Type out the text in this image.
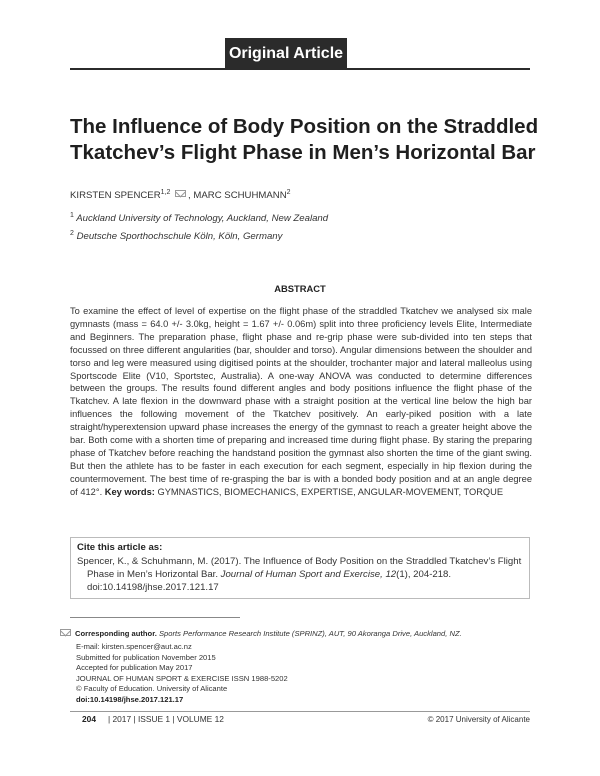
Original Article
The Influence of Body Position on the Straddled Tkatchev’s Flight Phase in Men’s Horizontal Bar
KIRSTEN SPENCER$^{1,2}$ , MARC SCHUHMANN$^2$
$^1$ Auckland University of Technology, Auckland, New Zealand
$^2$ Deutsche Sporthochschule Köln, Köln, Germany
ABSTRACT

To examine the effect of level of expertise on the flight phase of the straddled Tkatchev we analysed six male gymnasts (mass = 64.0 +/- 3.0kg, height = 1.67 +/- 0.06m) split into three proficiency levels Elite, Intermediate and Beginners. The preparation phase, flight phase and re-grip phase were sub-divided into ten steps that focussed on three different angularities (bar, shoulder and torso). Angular dimensions between the shoulder and torso and leg were measured using digitised points at the shoulder, trochanter major and lateral malleolus using Sportscode Elite (V10, Sportstec, Australia). A one-way ANOVA was conducted to determine differences between the groups. The results found different angles and body positions influence the flight phase of the Tkatchev. A late flexion in the downward phase with a straight position at the vertical line below the high bar influences the following movement of the Tkatchev positively. An early-piked position with a late straight/hyperextension upward phase increases the energy of the gymnast to reach a greater height above the bar. Both come with a shorten time of preparing and increased time during flight phase. By staring the preparing phase of Tkatchev before reaching the handstand position the gymnast also shorten the time of the giant swing. But then the athlete has to be faster in each execution for each segment, especially in hip flexion during the countermovement. The best time of re-grasping the bar is with a bonded body position and at an angle degree of 412°. Key words: GYMNASTICS, BIOMECHANICS, EXPERTISE, ANGULAR-MOVEMENT, TORQUE

Cite this article as:
Spencer, K., & Schuhmann, M. (2017). The Influence of Body Position on the Straddled Tkatchev’s Flight Phase in Men’s Horizontal Bar. Journal of Human Sport and Exercise, 12(1), 204-218. doi:10.14198/jhse.2017.121.17
Corresponding author. Sports Performance Research Institute (SPRINZ), AUT, 90 Akoranga Drive, Auckland, NZ.
E-mail: kirsten.spencer@aut.ac.nz
Submitted for publication November 2015
Accepted for publication May 2017
JOURNAL OF HUMAN SPORT & EXERCISE ISSN 1988-5202
© Faculty of Education. University of Alicante
doi:10.14198/jhse.2017.121.17
204 | 2017 | ISSUE 1 | VOLUME 12	© 2017 University of Alicante
